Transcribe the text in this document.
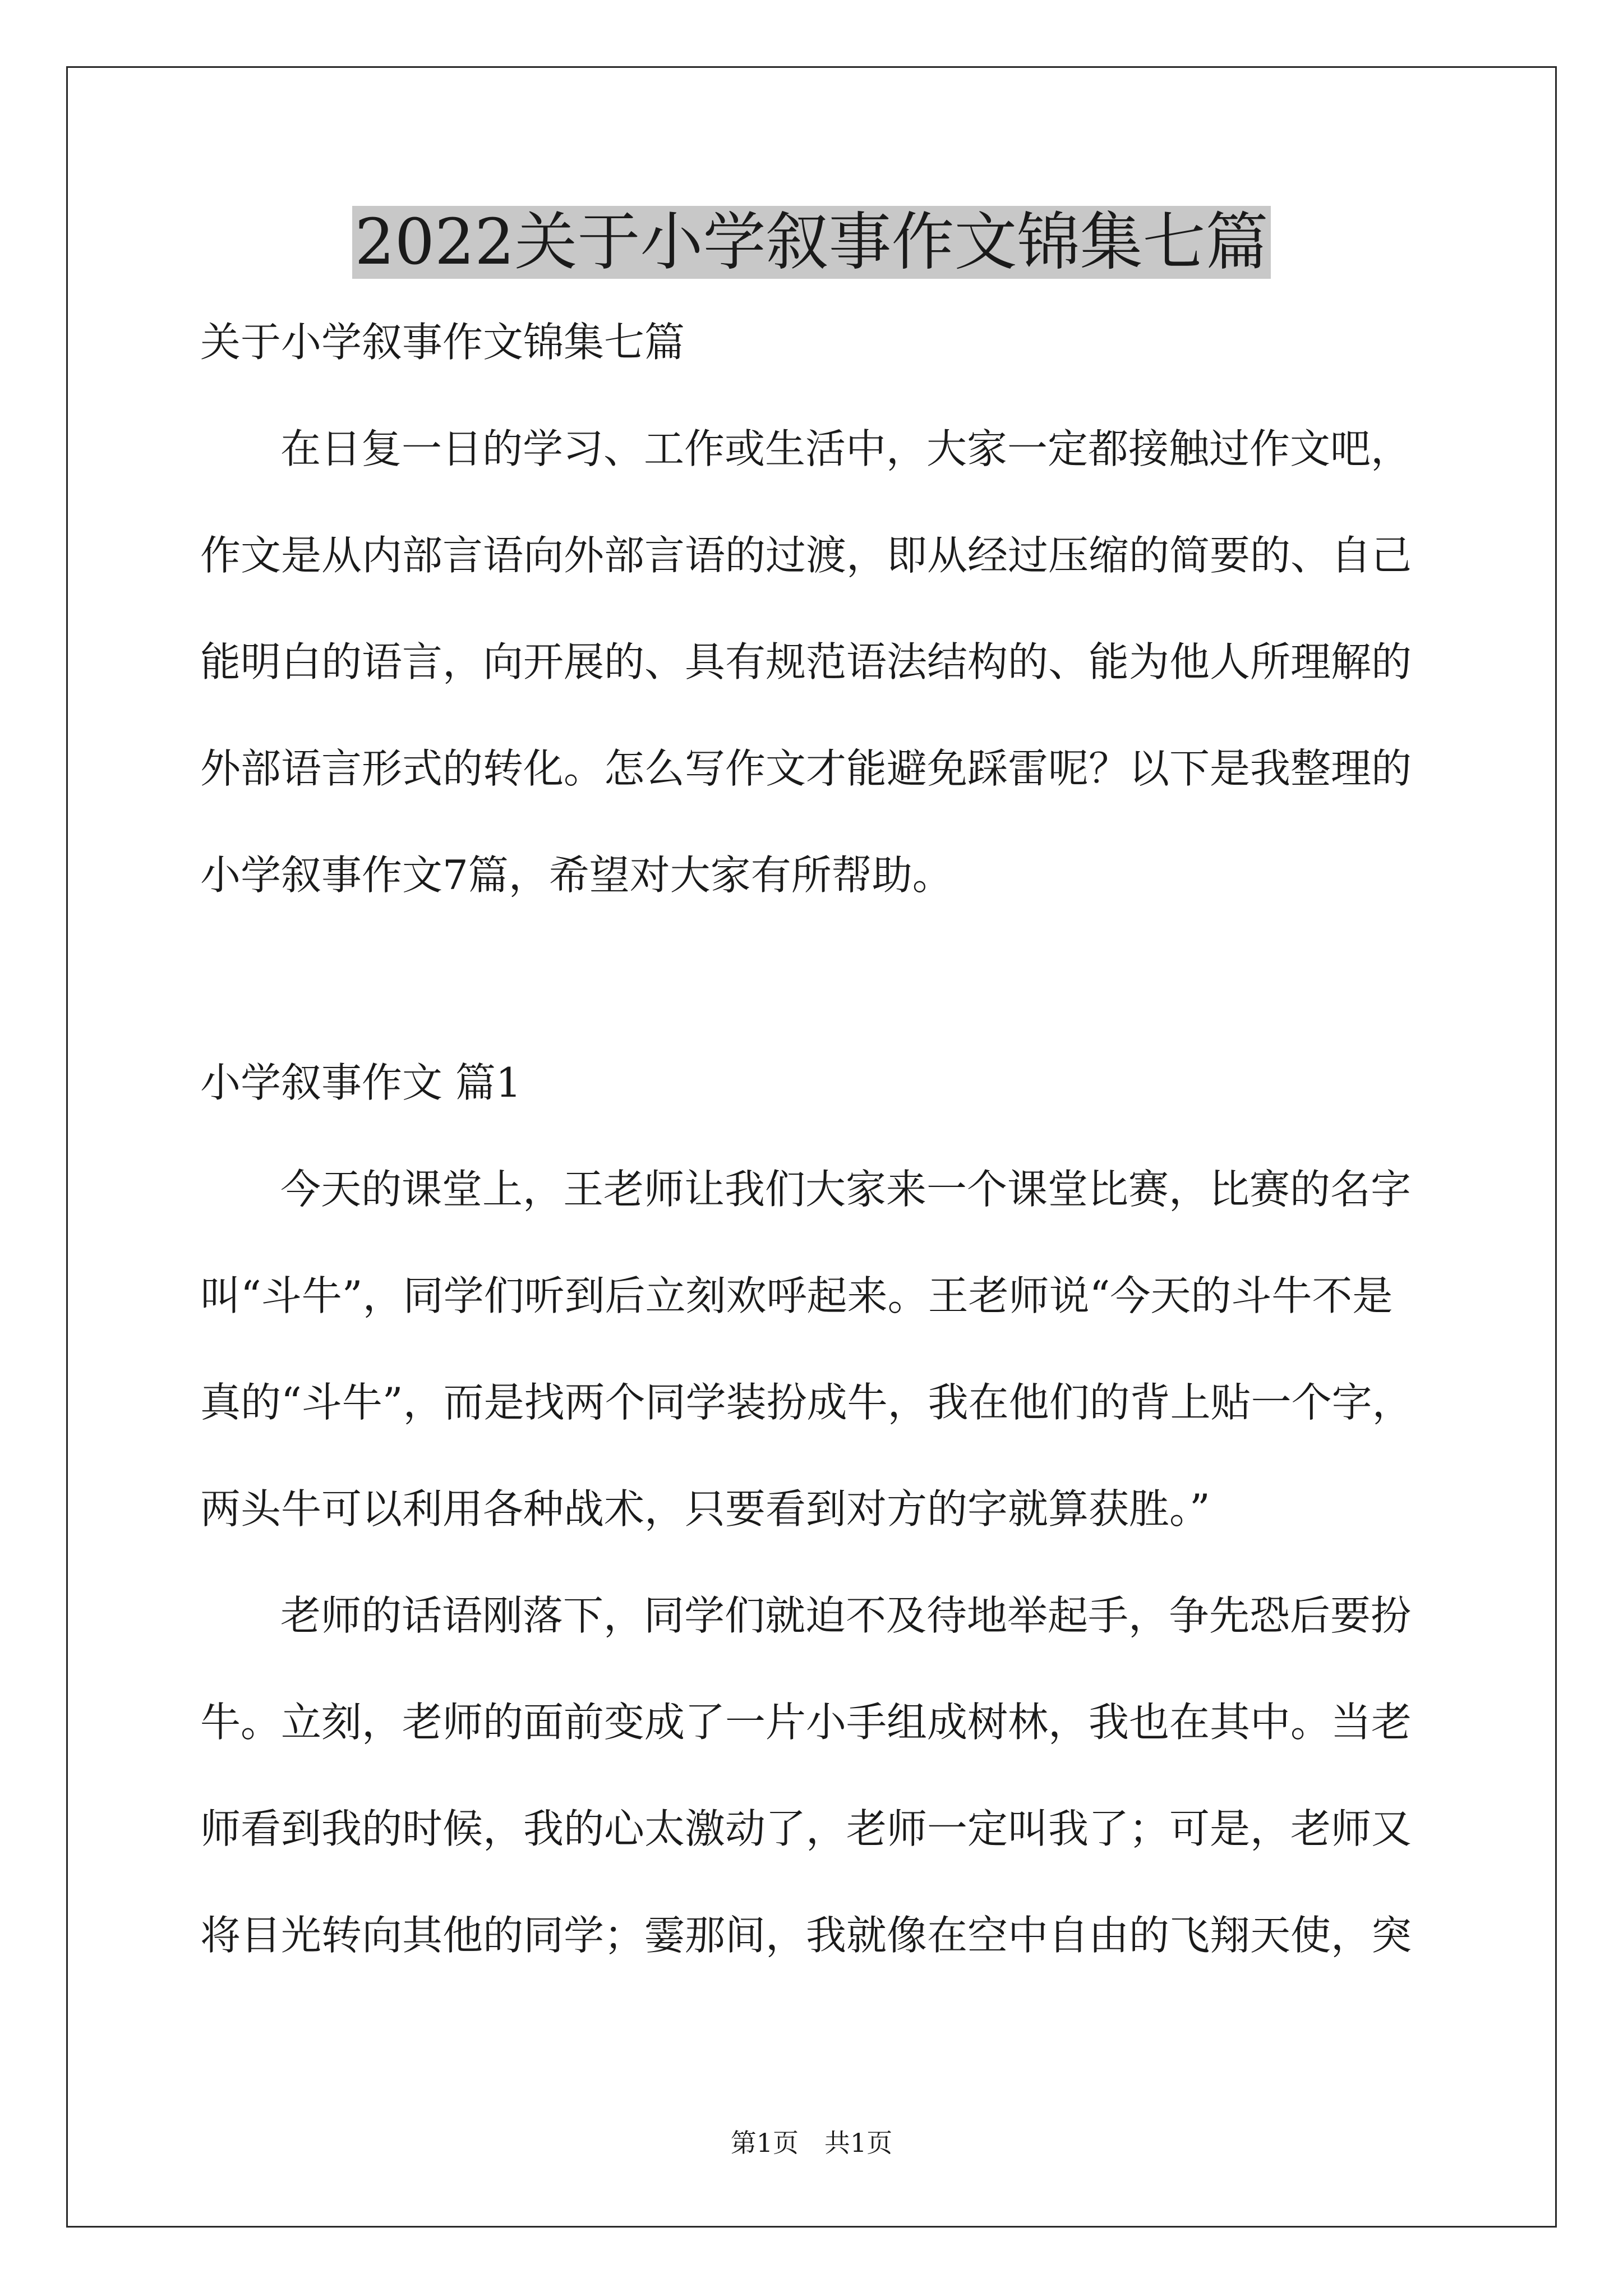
2022关于小学叙事作文锦集七篇
关于小学叙事作文锦集七篇
在日复一日的学习、工作或生活中，大家一定都接触过作文吧，
作文是从内部言语向外部言语的过渡，即从经过压缩的简要的、自己
能明白的语言，向开展的、具有规范语法结构的、能为他人所理解的
外部语言形式的转化。怎么写作文才能避免踩雷呢？以下是我整理的
小学叙事作文7篇，希望对大家有所帮助。
小学叙事作文 篇1
今天的课堂上，王老师让我们大家来一个课堂比赛，比赛的名字
叫“斗牛”，同学们听到后立刻欢呼起来。王老师说“今天的斗牛不是
真的“斗牛”，而是找两个同学装扮成牛，我在他们的背上贴一个字，
两头牛可以利用各种战术，只要看到对方的字就算获胜。”
老师的话语刚落下，同学们就迫不及待地举起手，争先恐后要扮
牛。立刻，老师的面前变成了一片小手组成树林，我也在其中。当老
师看到我的时候，我的心太激动了，老师一定叫我了；可是，老师又
将目光转向其他的同学；霎那间，我就像在空中自由的飞翔天使，突
第1页　共1页
